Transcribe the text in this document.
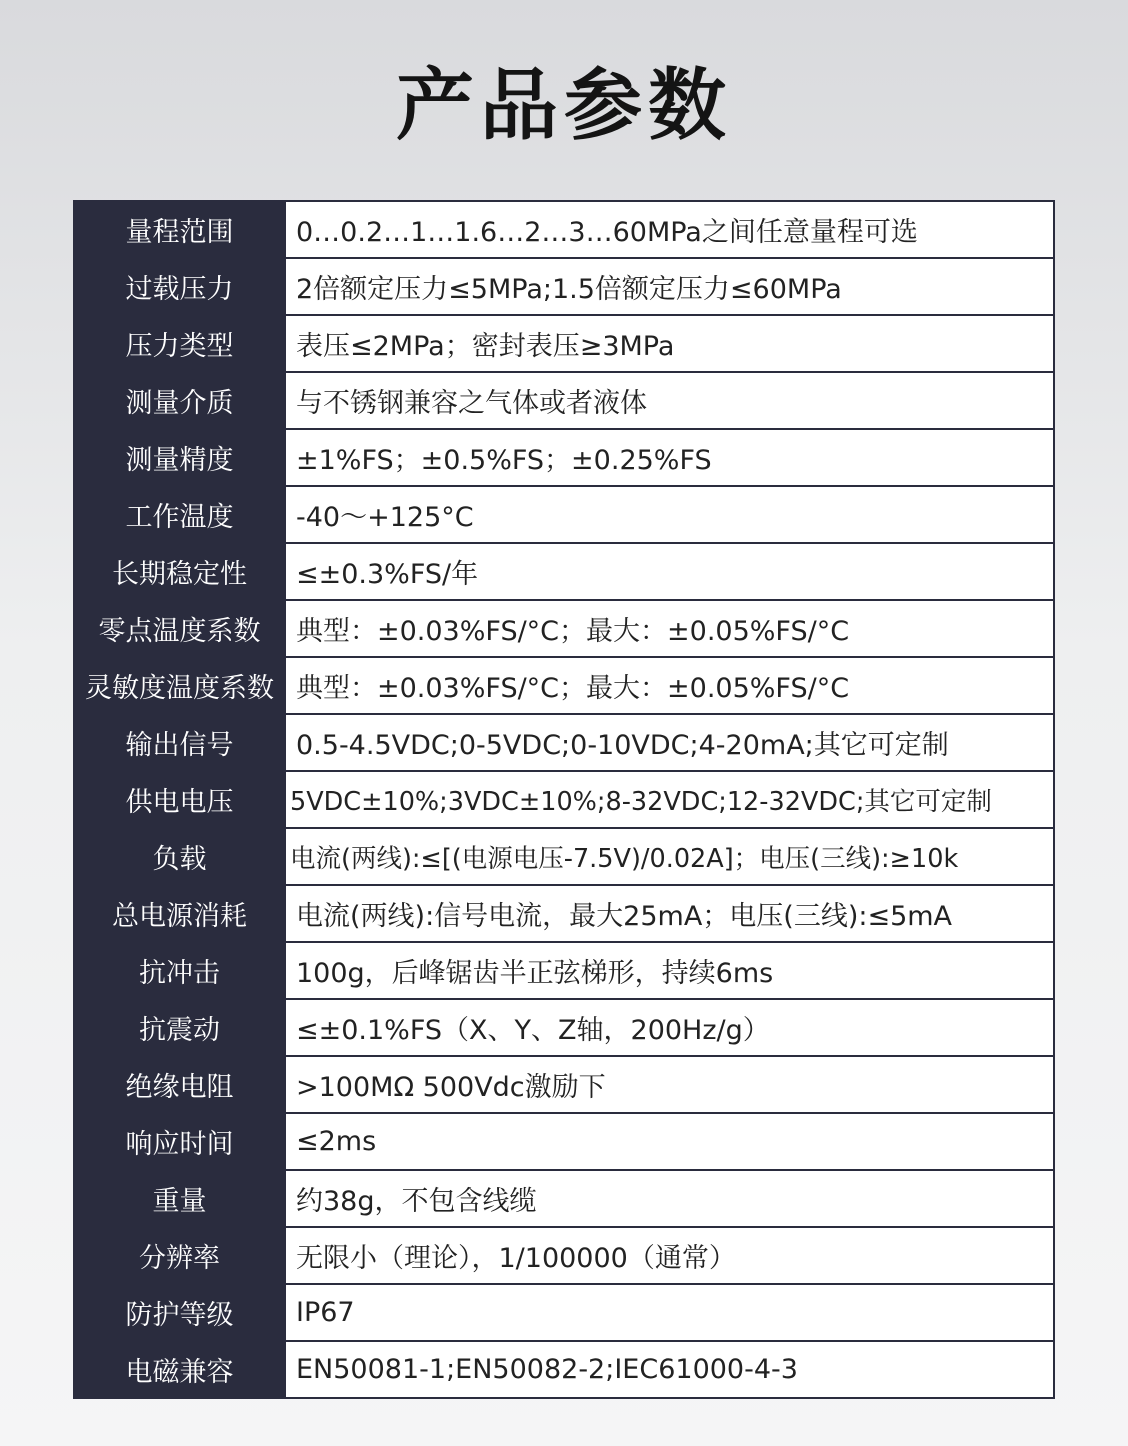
产品参数
量程范围	0…0.2…1…1.6…2…3…60MPa之间任意量程可选
过载压力	2倍额定压力≤5MPa;1.5倍额定压力≤60MPa
压力类型	表压≤2MPa；密封表压≥3MPa
测量介质	与不锈钢兼容之气体或者液体
测量精度	±1%FS；±0.5%FS；±0.25%FS
工作温度	-40～+125°C
长期稳定性	≤±0.3%FS/年
零点温度系数	典型：±0.03%FS/°C；最大：±0.05%FS/°C
灵敏度温度系数	典型：±0.03%FS/°C；最大：±0.05%FS/°C
输出信号	0.5-4.5VDC;0-5VDC;0-10VDC;4-20mA;其它可定制
供电电压	5VDC±10%;3VDC±10%;8-32VDC;12-32VDC;其它可定制
负载	电流(两线):≤[(电源电压-7.5V)/0.02A]；电压(三线):≥10k
总电源消耗	电流(两线):信号电流，最大25mA；电压(三线):≤5mA
抗冲击	100g，后峰锯齿半正弦梯形，持续6ms
抗震动	≤±0.1%FS（X、Y、Z轴，200Hz/g）
绝缘电阻	>100MΩ 500Vdc激励下
响应时间	≤2ms
重量	约38g，不包含线缆
分辨率	无限小（理论），1/100000（通常）
防护等级	IP67
电磁兼容	EN50081-1;EN50082-2;IEC61000-4-3
